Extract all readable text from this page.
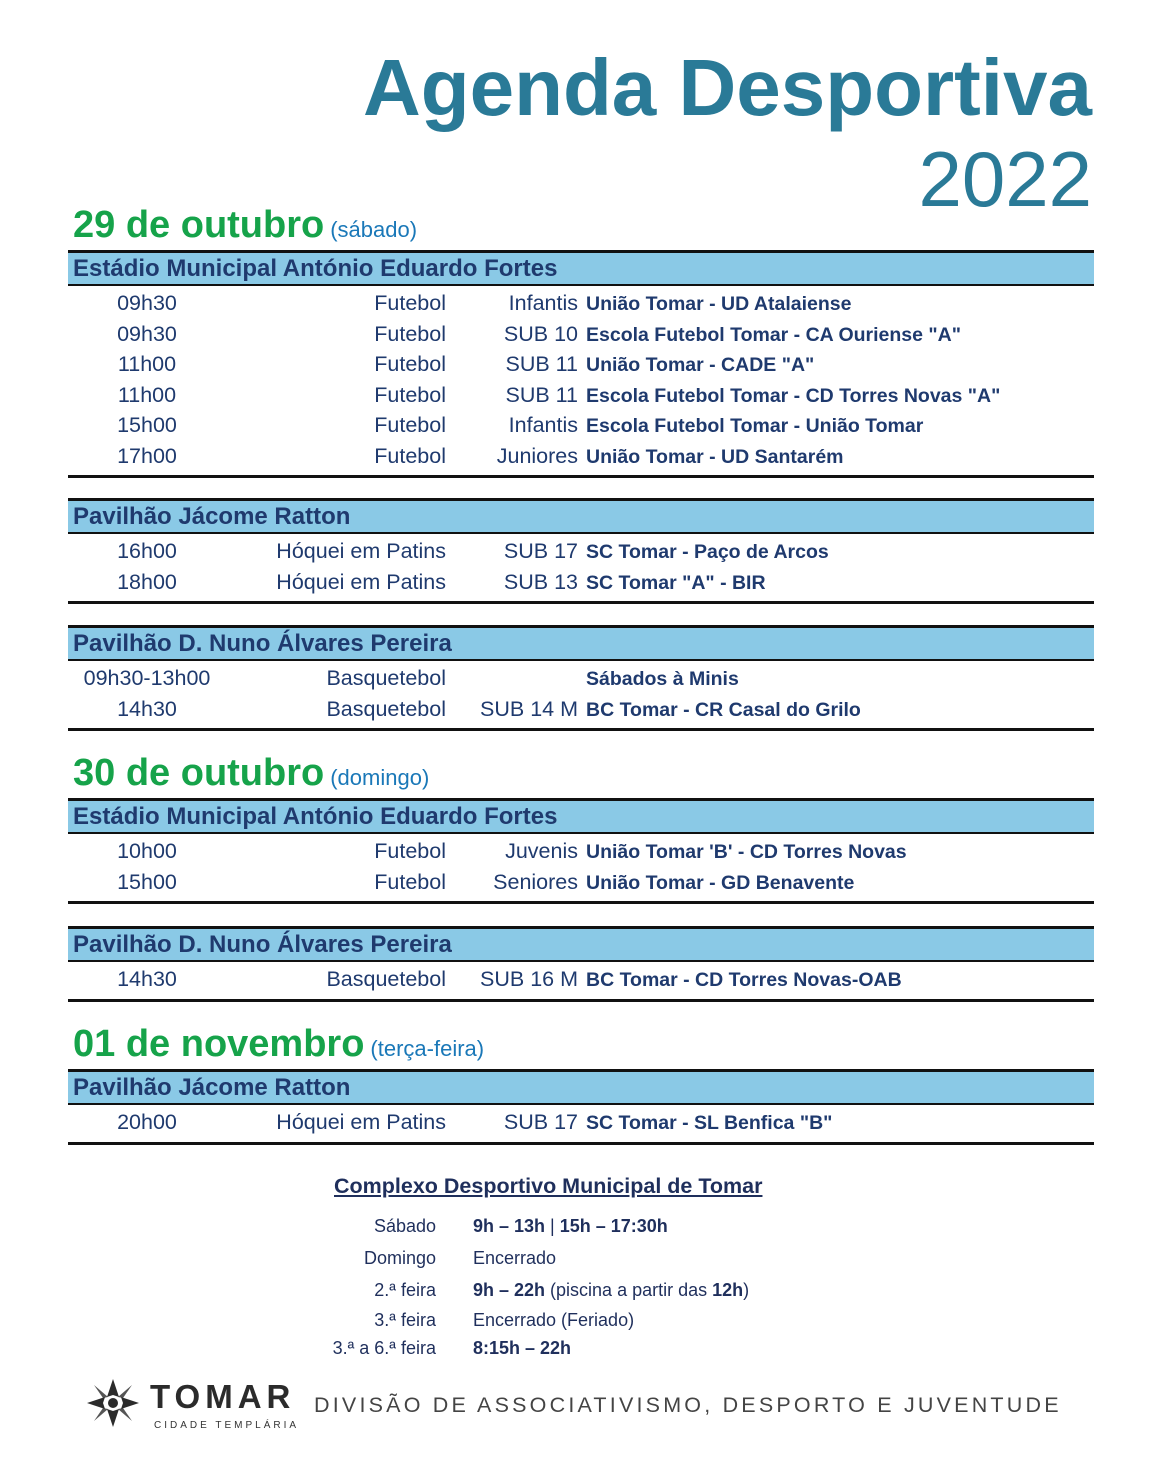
Agenda Desportiva
2022
29 de outubro (sábado)
Estádio Municipal António Eduardo Fortes
09h30	Futebol	Infantis União Tomar - UD Atalaiense
09h30	Futebol	SUB 10 Escola Futebol Tomar - CA Ouriense "A"
11h00	Futebol	SUB 11 União Tomar - CADE "A"
11h00	Futebol	SUB 11 Escola Futebol Tomar - CD Torres Novas "A"
15h00	Futebol	Infantis Escola Futebol Tomar - União Tomar
17h00	Futebol Juniores União Tomar - UD Santarém
Pavilhão Jácome Ratton
16h00	Hóquei em Patins	SUB 17 SC Tomar - Paço de Arcos
18h00	Hóquei em Patins	SUB 13 SC Tomar "A" - BIR
Pavilhão D. Nuno Álvares Pereira
09h30-13h00	Basquetebol	Sábados à Minis
14h30	Basquetebol SUB 14 M BC Tomar - CR Casal do Grilo
30 de outubro (domingo)
Estádio Municipal António Eduardo Fortes
10h00	Futebol	Juvenis União Tomar 'B' - CD Torres Novas
15h00	Futebol Seniores União Tomar - GD Benavente
Pavilhão D. Nuno Álvares Pereira
14h30	Basquetebol SUB 16 M BC Tomar - CD Torres Novas-OAB
01 de novembro (terça-feira)
Pavilhão Jácome Ratton
20h00	Hóquei em Patins	SUB 17 SC Tomar - SL Benfica "B"
Complexo Desportivo Municipal de Tomar
Sábado 9h – 13h | 15h – 17:30h
Domingo Encerrado
2.ª feira 9h – 22h (piscina a partir das 12h)
3.ª feira Encerrado (Feriado)
3.ª a 6.ª feira 8:15h – 22h
TOMAR
CIDADE TEMPLÁRIA
DIVISÃO DE ASSOCIATIVISMO, DESPORTO E JUVENTUDE
